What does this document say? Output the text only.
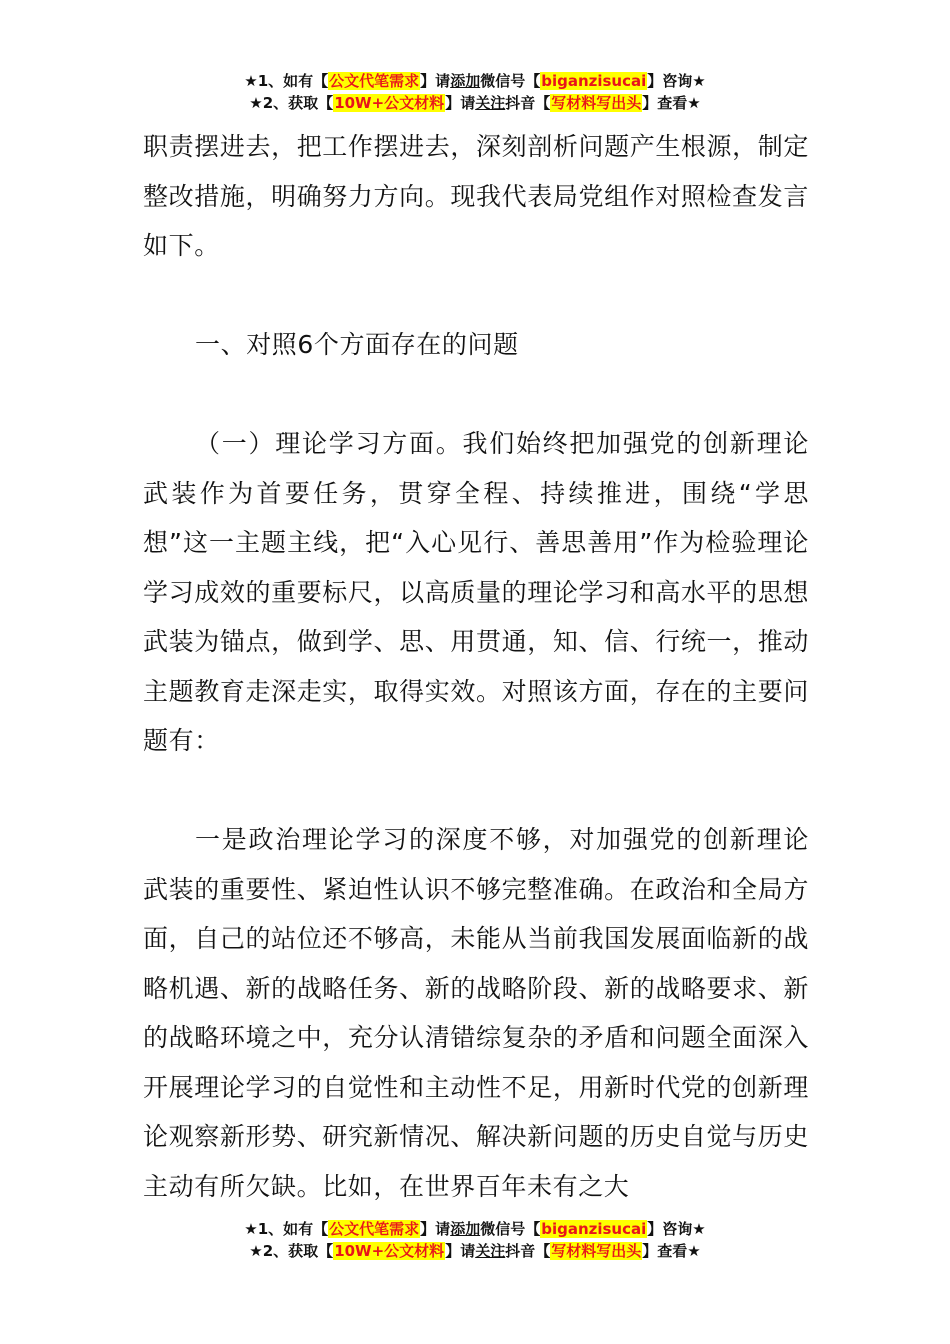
★1、如有【公文代笔需求】请添加微信号【biganzisucai】咨询★
★2、获取【10W+公文材料】请关注抖音【写材料写出头】查看★

职责摆进去，把工作摆进去，深刻剖析问题产生根源，制定整改措施，明确努力方向。现我代表局党组作对照检查发言如下。

一、对照6个方面存在的问题

（一）理论学习方面。我们始终把加强党的创新理论武装作为首要任务，贯穿全程、持续推进，围绕“学思想”这一主题主线，把“入心见行、善思善用”作为检验理论学习成效的重要标尺，以高质量的理论学习和高水平的思想武装为锚点，做到学、思、用贯通，知、信、行统一，推动主题教育走深走实，取得实效。对照该方面，存在的主要问题有：

一是政治理论学习的深度不够，对加强党的创新理论武装的重要性、紧迫性认识不够完整准确。在政治和全局方面，自己的站位还不够高，未能从当前我国发展面临新的战略机遇、新的战略任务、新的战略阶段、新的战略要求、新的战略环境之中，充分认清错综复杂的矛盾和问题全面深入开展理论学习的自觉性和主动性不足，用新时代党的创新理论观察新形势、研究新情况、解决新问题的历史自觉与历史主动有所欠缺。比如，在世界百年未有之大

★1、如有【公文代笔需求】请添加微信号【biganzisucai】咨询★
★2、获取【10W+公文材料】请关注抖音【写材料写出头】查看★
